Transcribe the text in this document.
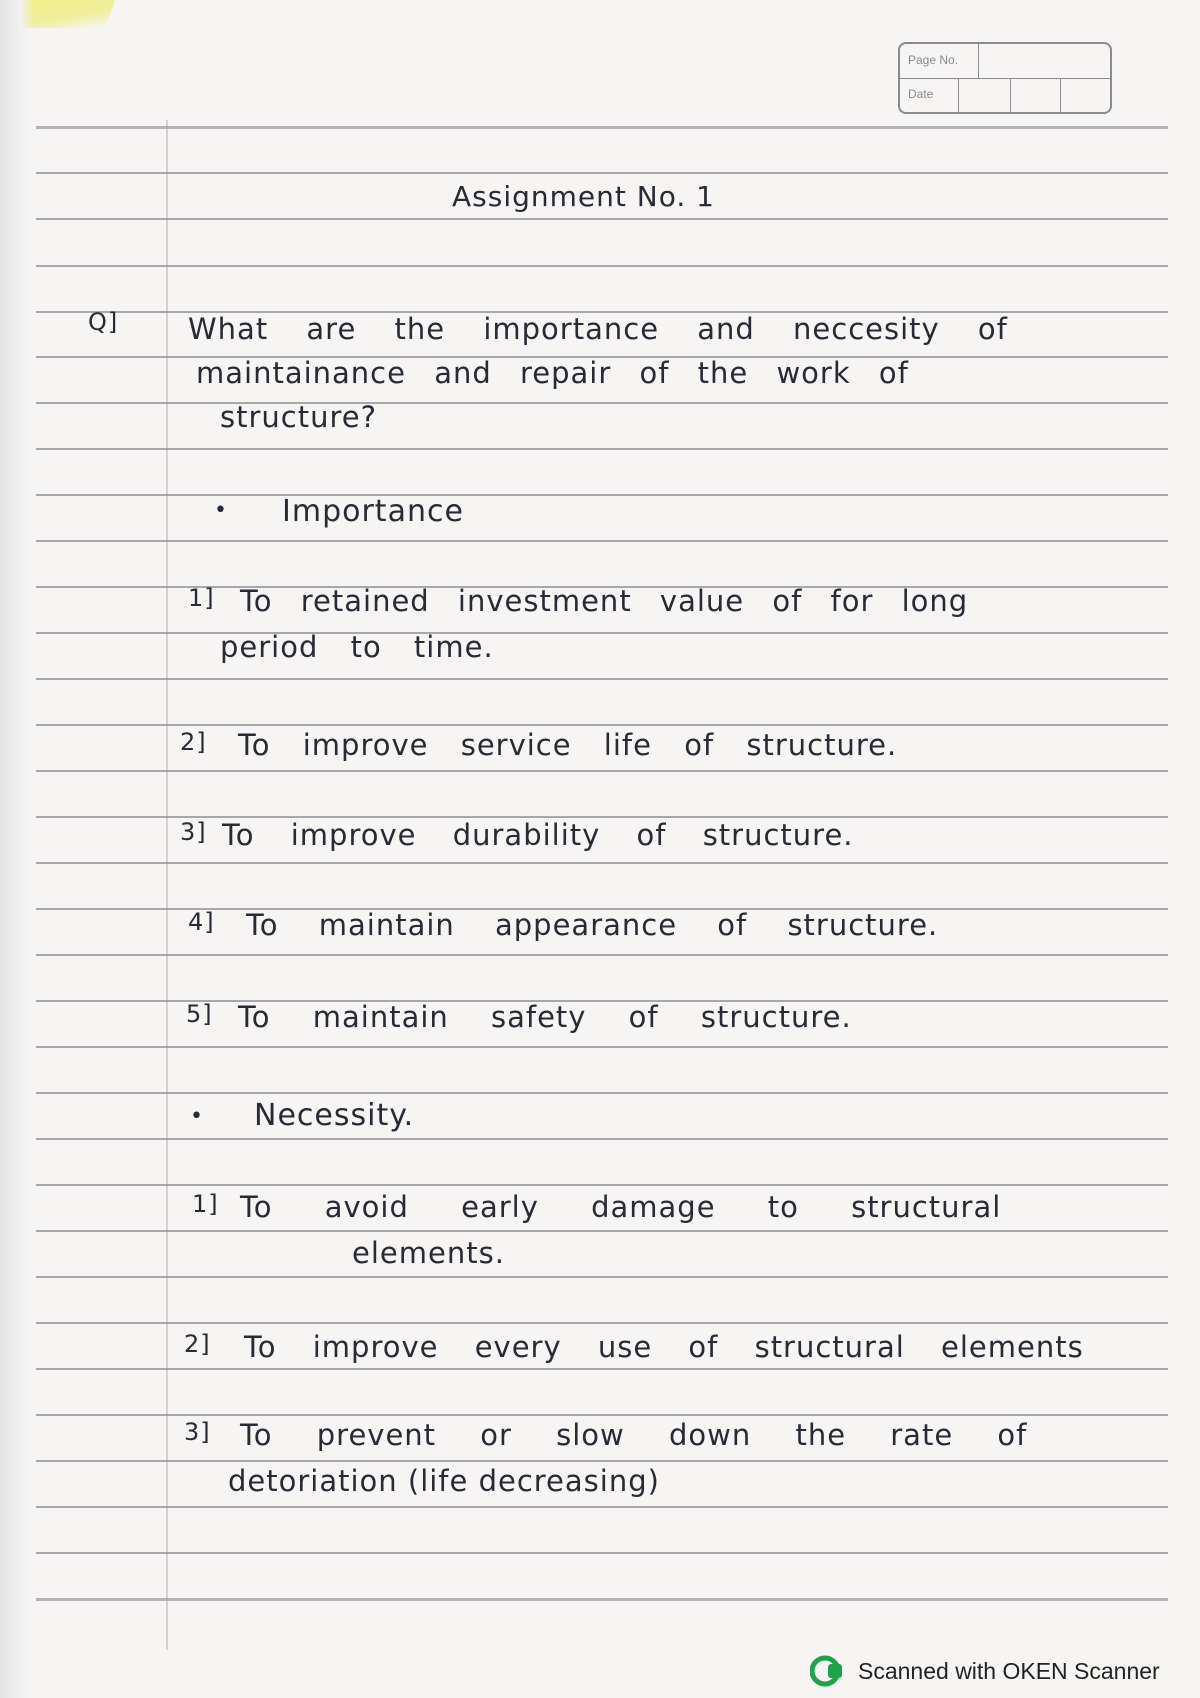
Page No.
Date
Assignment No. 1
Q] What are the importance and neccesity of
maintainance and repair of the work of
structure?
• Importance
1] To retained investment value of for long
period to time.
2] To improve service life of structure.
3] To improve durability of structure.
4] To maintain appearance of structure.
5] To maintain safety of structure.
• Necessity.
1] To avoid early damage to structural
elements.
2] To improve every use of structural elements
3] To prevent or slow down the rate of
detoriation (life decreasing)
Scanned with OKEN Scanner
